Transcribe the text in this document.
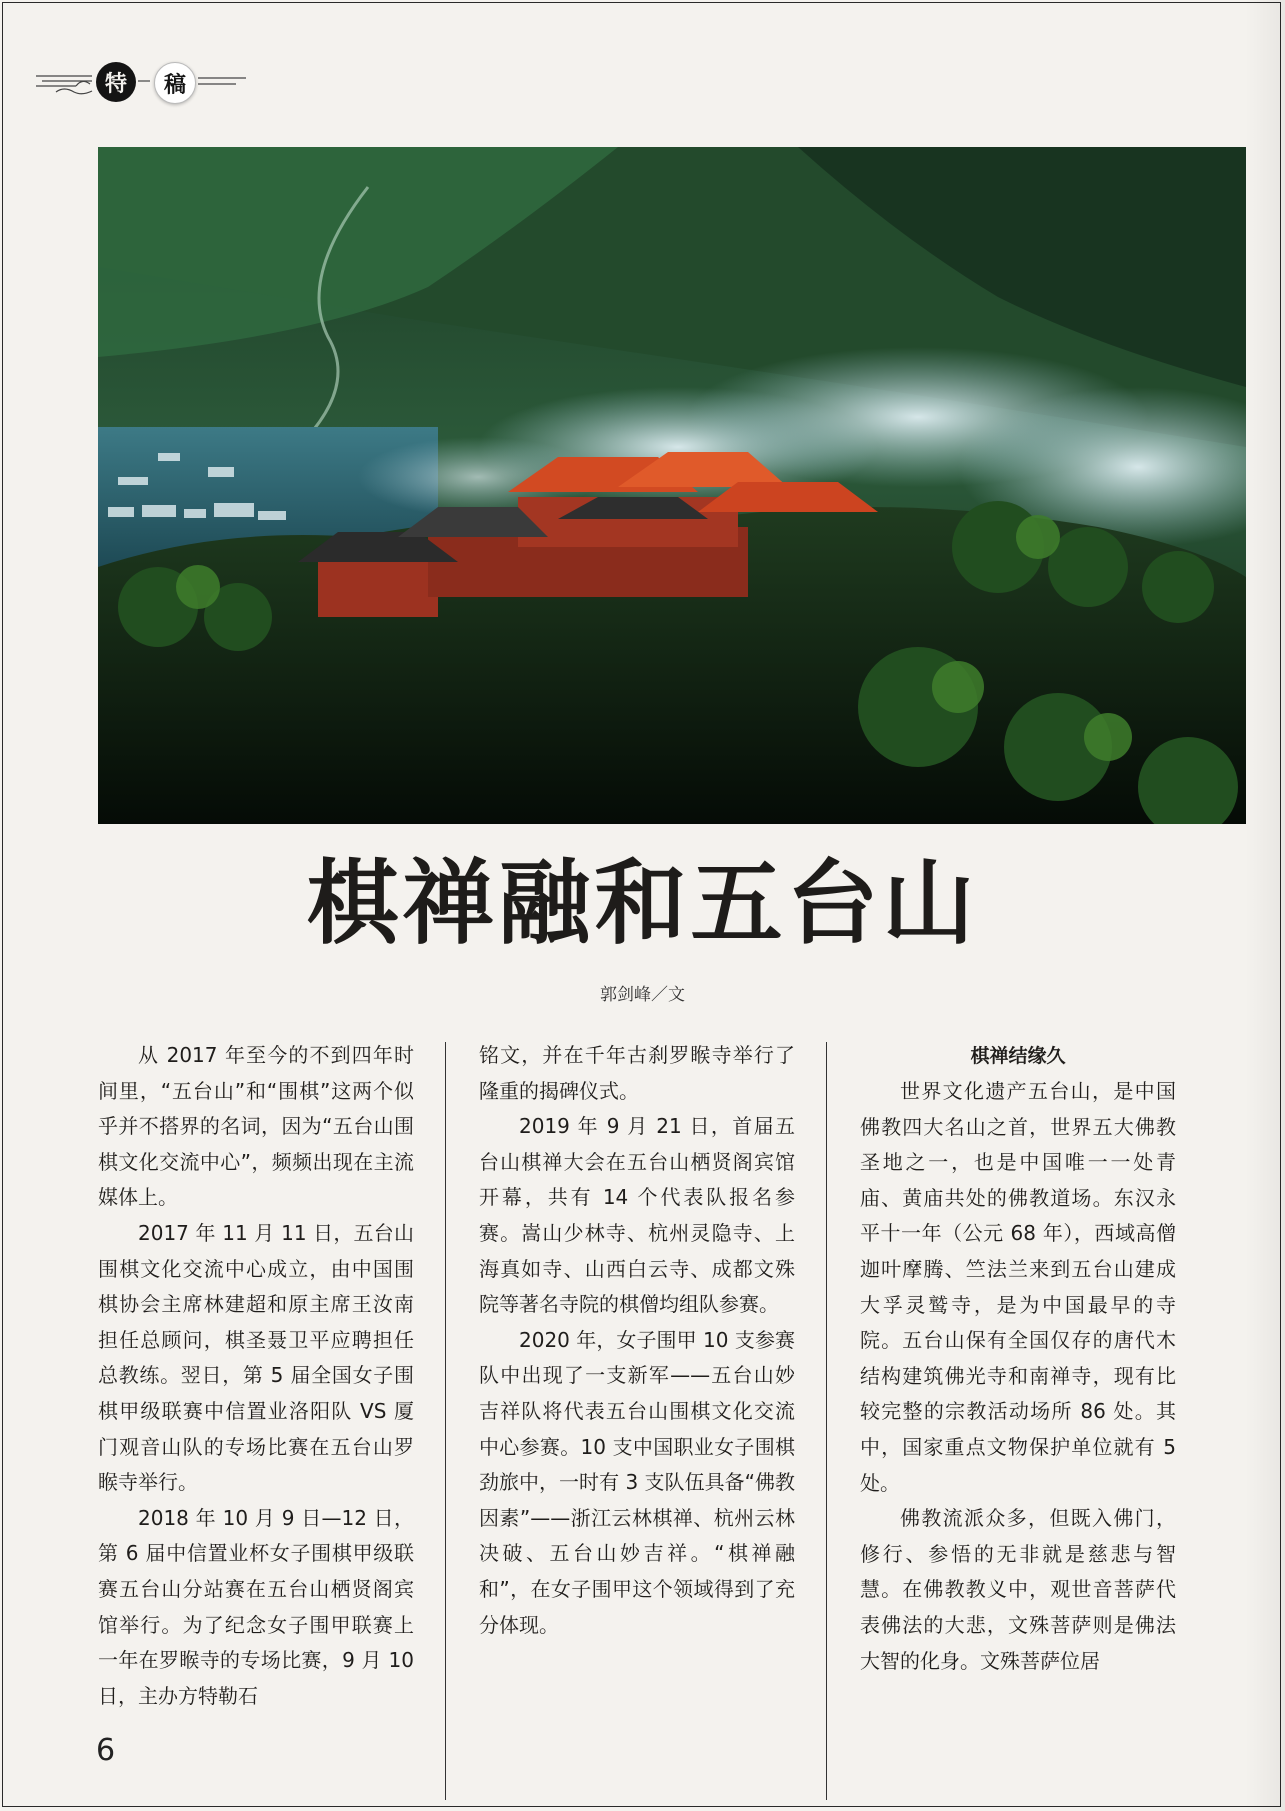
特	稿
棋禅融和五台山
郭剑峰／文

从 2017 年至今的不到四年时间里，“五台山”和“围棋”这两个似乎并不搭界的名词，因为“五台山围棋文化交流中心”，频频出现在主流媒体上。

2017 年 11 月 11 日，五台山围棋文化交流中心成立，由中国围棋协会主席林建超和原主席王汝南担任总顾问，棋圣聂卫平应聘担任总教练。翌日，第 5 届全国女子围棋甲级联赛中信置业洛阳队 VS 厦门观音山队的专场比赛在五台山罗睺寺举行。

2018 年 10 月 9 日—12 日，第 6 届中信置业杯女子围棋甲级联赛五台山分站赛在五台山栖贤阁宾馆举行。为了纪念女子围甲联赛上一年在罗睺寺的专场比赛，9 月 10 日，主办方特勒石

铭文，并在千年古刹罗睺寺举行了隆重的揭碑仪式。

2019 年 9 月 21 日，首届五台山棋禅大会在五台山栖贤阁宾馆开幕，共有 14 个代表队报名参赛。嵩山少林寺、杭州灵隐寺、上海真如寺、山西白云寺、成都文殊院等著名寺院的棋僧均组队参赛。

2020 年，女子围甲 10 支参赛队中出现了一支新军——五台山妙吉祥队将代表五台山围棋文化交流中心参赛。10 支中国职业女子围棋劲旅中，一时有 3 支队伍具备“佛教因素”——浙江云林棋禅、杭州云林决破、五台山妙吉祥。“棋禅融和”，在女子围甲这个领域得到了充分体现。

棋禅结缘久

世界文化遗产五台山，是中国佛教四大名山之首，世界五大佛教圣地之一，也是中国唯一一处青庙、黄庙共处的佛教道场。东汉永平十一年（公元 68 年），西域高僧迦叶摩腾、竺法兰来到五台山建成大孚灵鹫寺，是为中国最早的寺院。五台山保有全国仅存的唐代木结构建筑佛光寺和南禅寺，现有比较完整的宗教活动场所 86 处。其中，国家重点文物保护单位就有 5 处。

佛教流派众多，但既入佛门，修行、参悟的无非就是慈悲与智慧。在佛教教义中，观世音菩萨代表佛法的大悲，文殊菩萨则是佛法大智的化身。文殊菩萨位居

6
